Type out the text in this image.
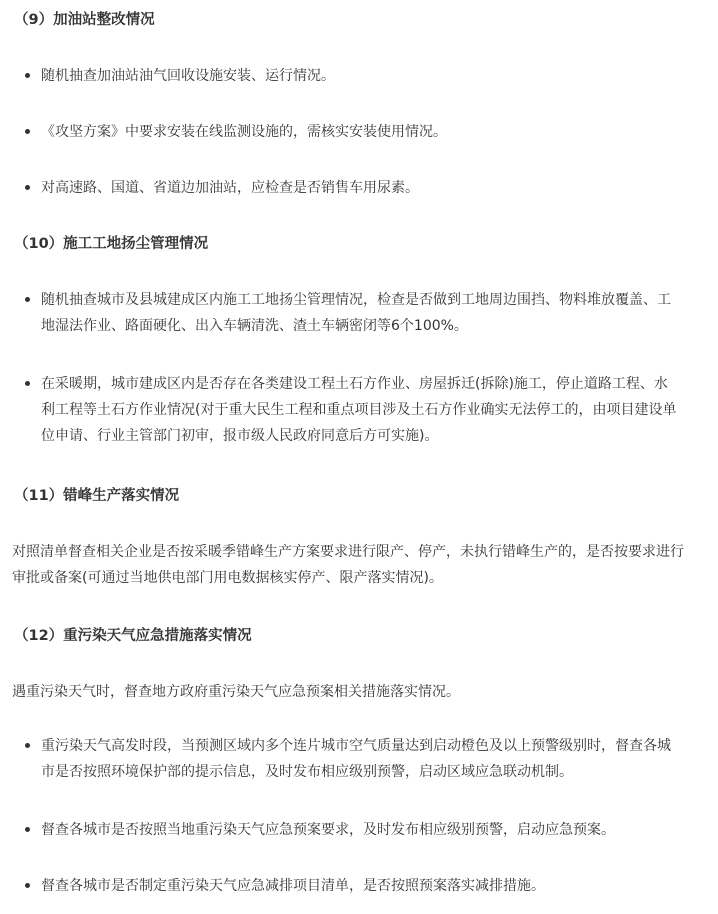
（9）加油站整改情况

随机抽查加油站油气回收设施安装、运行情况。

《攻坚方案》中要求安装在线监测设施的，需核实安装使用情况。

对高速路、国道、省道边加油站，应检查是否销售车用尿素。

（10）施工工地扬尘管理情况

随机抽查城市及县城建成区内施工工地扬尘管理情况，检查是否做到工地周边围挡、物料堆放覆盖、工地湿法作业、路面硬化、出入车辆清洗、渣土车辆密闭等6个100%。

在采暖期，城市建成区内是否存在各类建设工程土石方作业、房屋拆迁(拆除)施工，停止道路工程、水利工程等土石方作业情况(对于重大民生工程和重点项目涉及土石方作业确实无法停工的，由项目建设单位申请、行业主管部门初审，报市级人民政府同意后方可实施)。

（11）错峰生产落实情况

对照清单督查相关企业是否按采暖季错峰生产方案要求进行限产、停产，未执行错峰生产的，是否按要求进行审批或备案(可通过当地供电部门用电数据核实停产、限产落实情况)。

（12）重污染天气应急措施落实情况

遇重污染天气时，督查地方政府重污染天气应急预案相关措施落实情况。

重污染天气高发时段，当预测区域内多个连片城市空气质量达到启动橙色及以上预警级别时，督查各城市是否按照环境保护部的提示信息，及时发布相应级别预警，启动区域应急联动机制。

督查各城市是否按照当地重污染天气应急预案要求，及时发布相应级别预警，启动应急预案。

督查各城市是否制定重污染天气应急减排项目清单，是否按照预案落实减排措施。
